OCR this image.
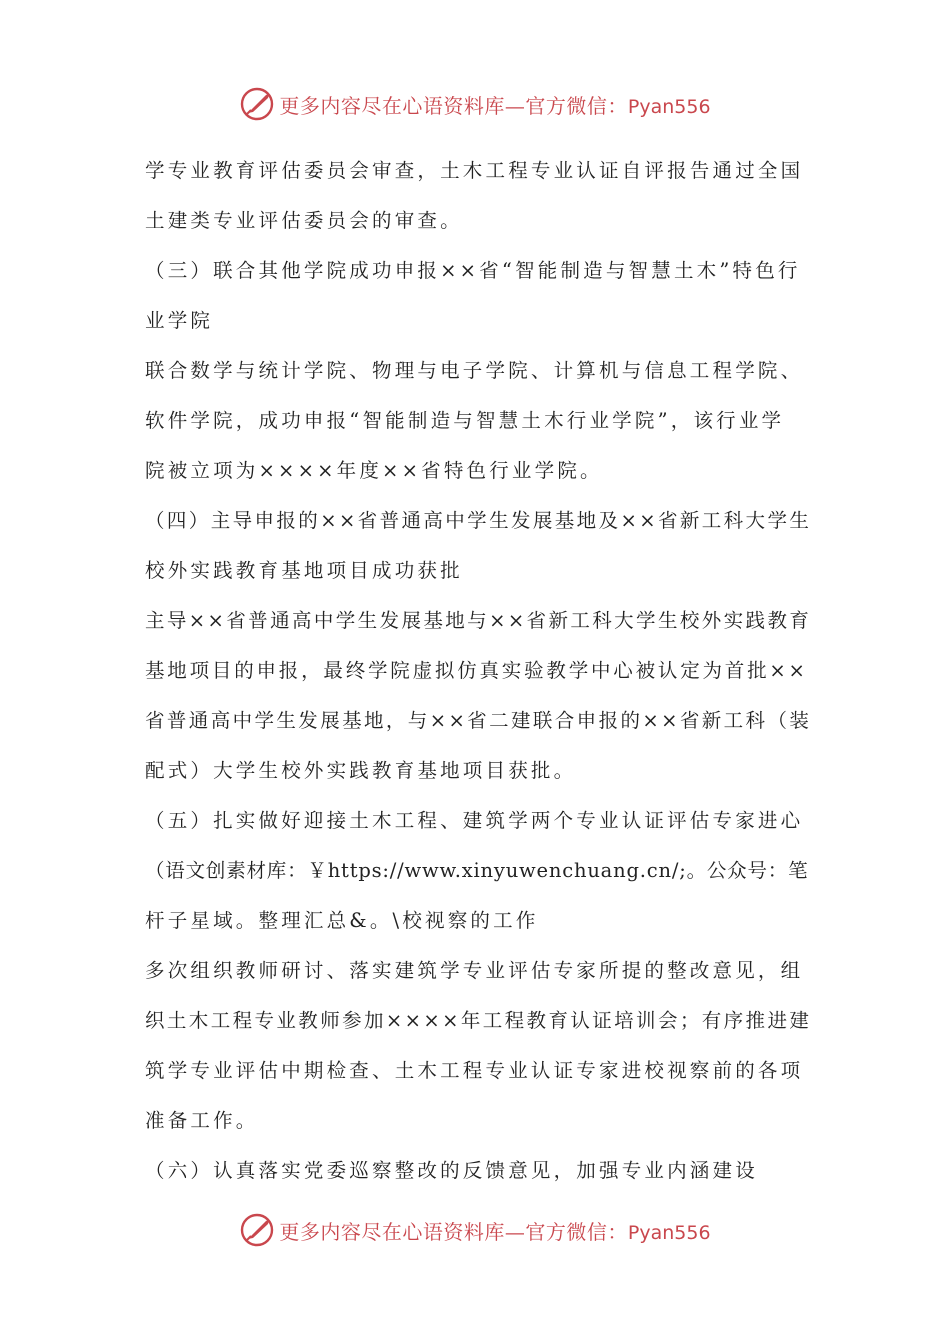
更多内容尽在心语资料库—官方微信：Pyan556
学专业教育评估委员会审查，土木工程专业认证自评报告通过全国
土建类专业评估委员会的审查。
（三）联合其他学院成功申报××省“智能制造与智慧土木”特色行
业学院
联合数学与统计学院、物理与电子学院、计算机与信息工程学院、
软件学院，成功申报“智能制造与智慧土木行业学院”，该行业学
院被立项为××××年度××省特色行业学院。
（四）主导申报的××省普通高中学生发展基地及××省新工科大学生
校外实践教育基地项目成功获批
主导××省普通高中学生发展基地与××省新工科大学生校外实践教育
基地项目的申报，最终学院虚拟仿真实验教学中心被认定为首批××
省普通高中学生发展基地，与××省二建联合申报的××省新工科（装
配式）大学生校外实践教育基地项目获批。
（五）扎实做好迎接土木工程、建筑学两个专业认证评估专家进心
（语文创素材库：￥https://www.xinyuwenchuang.cn/;。公众号：笔
杆子星域。整理汇总&。\校视察的工作
多次组织教师研讨、落实建筑学专业评估专家所提的整改意见，组
织土木工程专业教师参加××××年工程教育认证培训会；有序推进建
筑学专业评估中期检查、土木工程专业认证专家进校视察前的各项
准备工作。
（六）认真落实党委巡察整改的反馈意见，加强专业内涵建设
更多内容尽在心语资料库—官方微信：Pyan556
